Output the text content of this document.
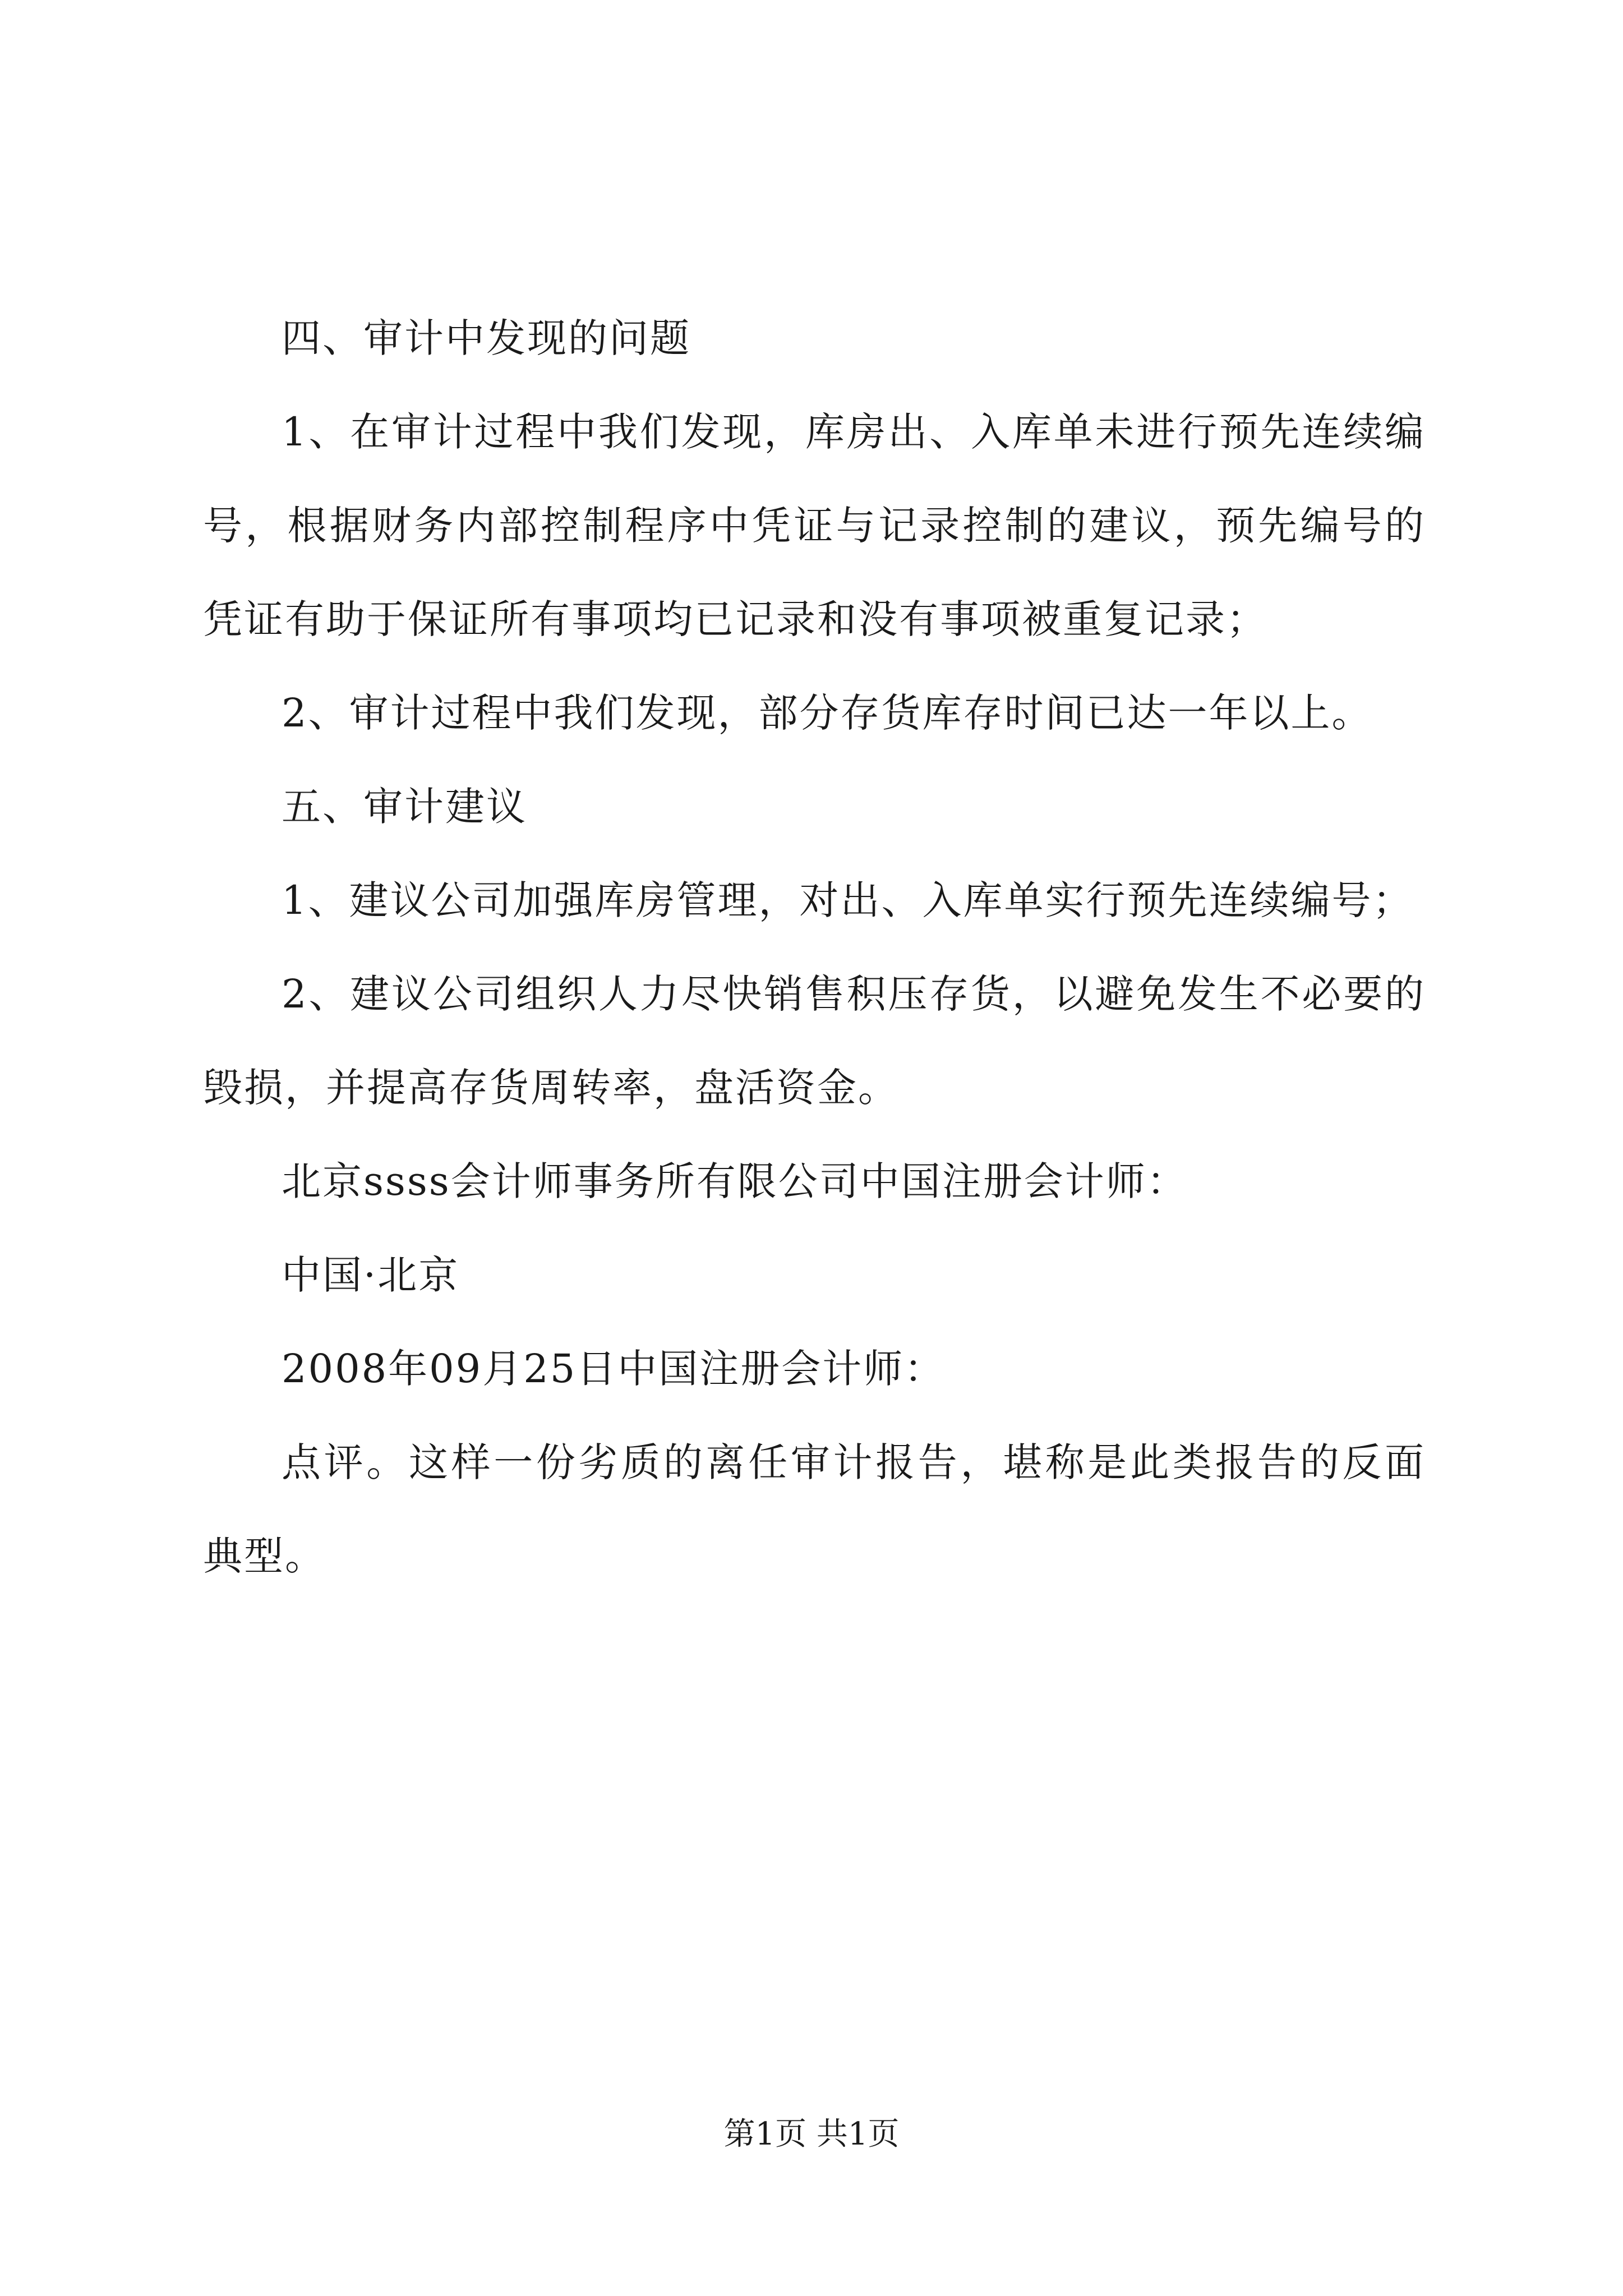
四、审计中发现的问题

1、在审计过程中我们发现，库房出、入库单未进行预先连续编号，根据财务内部控制程序中凭证与记录控制的建议，预先编号的凭证有助于保证所有事项均已记录和没有事项被重复记录；

2、审计过程中我们发现，部分存货库存时间已达一年以上。

五、审计建议

1、建议公司加强库房管理，对出、入库单实行预先连续编号；

2、建议公司组织人力尽快销售积压存货，以避免发生不必要的毁损，并提高存货周转率，盘活资金。

北京ssss会计师事务所有限公司中国注册会计师：

中国·北京

2008年09月25日中国注册会计师：

点评。这样一份劣质的离任审计报告，堪称是此类报告的反面典型。

第1页 共1页
